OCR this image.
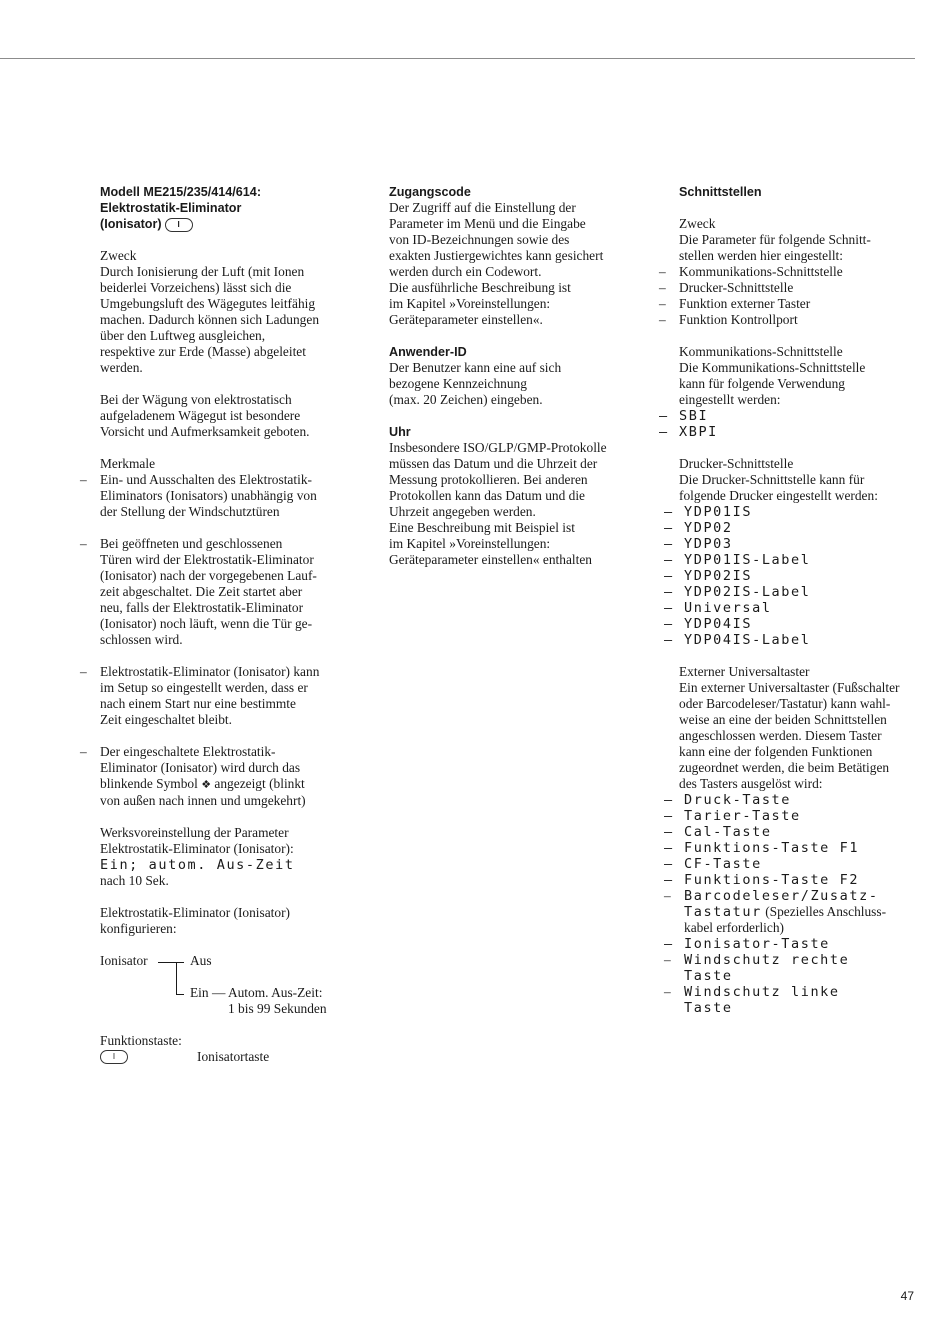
Modell ME215/235/414/614:
Elektrostatik-Eliminator
(Ionisator) I

Zweck

Durch Ionisierung der Luft (mit Ionen
beiderlei Vorzeichens) lässt sich die
Umgebungsluft des Wägegutes leitfähig
machen. Dadurch können sich Ladungen
über den Luftweg ausgleichen,
respektive zur Erde (Masse) abgeleitet
werden.
Bei der Wägung von elektrostatisch
aufgeladenem Wägegut ist besondere
Vorsicht und Aufmerksamkeit geboten.

Merkmale

– Ein- und Ausschalten des Elektrostatik-
Eliminators (Ionisators) unabhängig von
der Stellung der Windschutztüren
– Bei geöffneten und geschlossenen
Türen wird der Elektrostatik-Eliminator
(Ionisator) nach der vorgegebenen Lauf-
zeit abgeschaltet. Die Zeit startet aber
neu, falls der Elektrostatik-Eliminator
(Ionisator) noch läuft, wenn die Tür ge-
schlossen wird.
– Elektrostatik-Eliminator (Ionisator) kann
im Setup so eingestellt werden, dass er
nach einem Start nur eine bestimmte
Zeit eingeschaltet bleibt.
– Der eingeschaltete Elektrostatik-
Eliminator (Ionisator) wird durch das
blinkende Symbol ❖ angezeigt (blinkt
von außen nach innen und umgekehrt)
Werksvoreinstellung der Parameter
Elektrostatik-Eliminator (Ionisator):
Ein; autom. Aus-Zeit
nach 10 Sek.
Elektrostatik-Eliminator (Ionisator)
konfigurieren:
Ionisator	Aus
Ein — Autom. Aus-Zeit:
1 bis 99 Sekunden

Funktionstaste:

I	Ionisatortaste
Zugangscode
Der Zugriff auf die Einstellung der
Parameter im Menü und die Eingabe
von ID-Bezeichnungen sowie des
exakten Justiergewichtes kann gesichert
werden durch ein Codewort.
Die ausführliche Beschreibung ist
im Kapitel »Voreinstellungen:
Geräteparameter einstellen«.
Anwender-ID
Der Benutzer kann eine auf sich
bezogene Kennzeichnung
(max. 20 Zeichen) eingeben.
Uhr
Insbesondere ISO/GLP/GMP-Protokolle
müssen das Datum und die Uhrzeit der
Messung protokollieren. Bei anderen
Protokollen kann das Datum und die
Uhrzeit angegeben werden.
Eine Beschreibung mit Beispiel ist
im Kapitel »Voreinstellungen:
Geräteparameter einstellen« enthalten
Schnittstellen

Zweck

Die Parameter für folgende Schnitt-
stellen werden hier eingestellt:
– Kommunikations-Schnittstelle
– Drucker-Schnittstelle
– Funktion externer Taster
– Funktion Kontrollport

Kommunikations-Schnittstelle

Die Kommunikations-Schnittstelle
kann für folgende Verwendung
eingestellt werden:
– SBI
– XBPI

Drucker-Schnittstelle

Die Drucker-Schnittstelle kann für
folgende Drucker eingestellt werden:
– YDP01IS
– YDP02
– YDP03
– YDP01IS-Label
– YDP02IS
– YDP02IS-Label
– Universal
– YDP04IS
– YDP04IS-Label

Externer Universaltaster

Ein externer Universaltaster (Fußschalter
oder Barcodeleser/Tastatur) kann wahl-
weise an eine der beiden Schnittstellen
angeschlossen werden. Diesem Taster
kann eine der folgenden Funktionen
zugeordnet werden, die beim Betätigen
des Tasters ausgelöst wird:
– Druck-Taste
– Tarier-Taste
– Cal-Taste
– Funktions-Taste F1
– CF-Taste
– Funktions-Taste F2
– Barcodeleser/Zusatz-
Tastatur (Spezielles Anschluss-
kabel erforderlich)
– Ionisator-Taste
– Windschutz rechte
Taste
– Windschutz linke
Taste
47
